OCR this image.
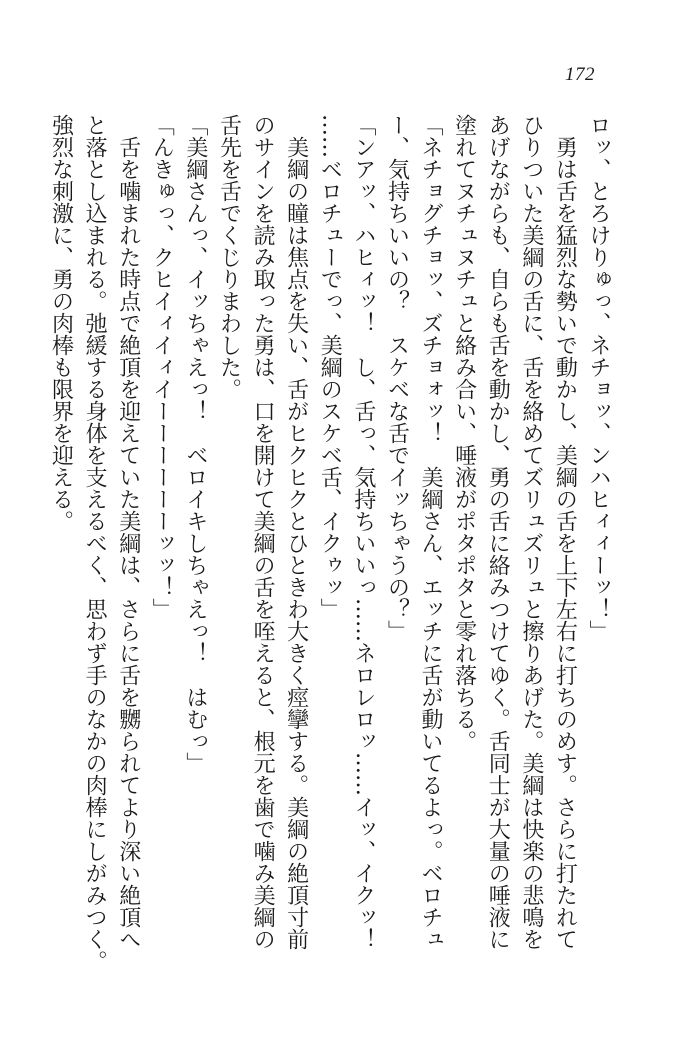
172

ロッ、とろけりゅっ、ネチョッ、ンハヒィィーッ！」

　勇は舌を猛烈な勢いで動かし、美綱の舌を上下左右に打ちのめす。さらに打たれて

ひりついた美綱の舌に、舌を絡めてズリュズリュと擦りあげた。美綱は快楽の悲鳴を

あげながらも、自らも舌を動かし、勇の舌に絡みつけてゆく。舌同士が大量の唾液に

塗れてヌチュヌチュと絡み合い、唾液がポタポタと零れ落ちる。

「ネチョグチョッ、ズチョォッ！　美綱さん、エッチに舌が動いてるよっ。ベロチュ

ー、気持ちいいの？　スケベな舌でイッちゃうの？」

「ンアッ、ハヒィッ！　し、舌っ、気持ちいいっ……ネロレロッ……イッ、イクッ！

……ベロチューでっ、美綱のスケベ舌、イクゥッ」

　美綱の瞳は焦点を失い、舌がヒクヒクとひときわ大きく痙攣する。美綱の絶頂寸前

のサインを読み取った勇は、口を開けて美綱の舌を咥えると、根元を歯で噛み美綱の

舌先を舌でくじりまわした。

「美綱さんっ、イッちゃえっ！　ベロイキしちゃえっ！　はむっ」

「んきゅっ、クヒイィイィイーーーーーーッッ！」

　舌を噛まれた時点で絶頂を迎えていた美綱は、さらに舌を嬲られてより深い絶頂へ

と落とし込まれる。弛緩する身体を支えるべく、思わず手のなかの肉棒にしがみつく。

強烈な刺激に、勇の肉棒も限界を迎える。
